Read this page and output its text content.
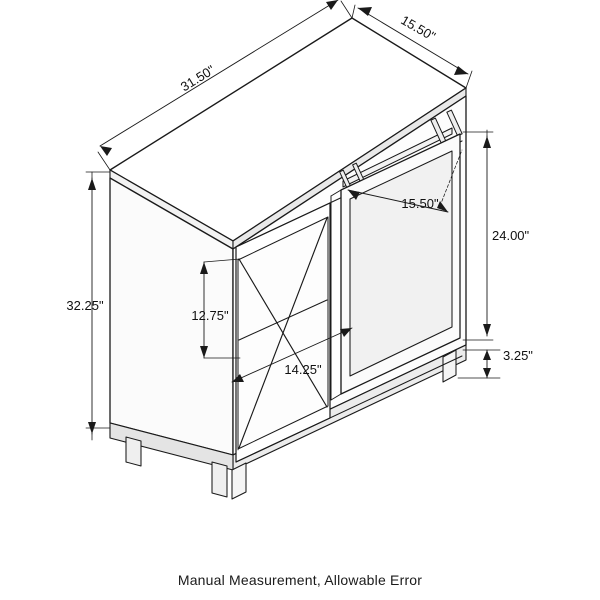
31.50"
15.50"
32.25"
15.50"
24.00"
3.25"
12.75"
14.25"
Manual Measurement, Allowable Error
